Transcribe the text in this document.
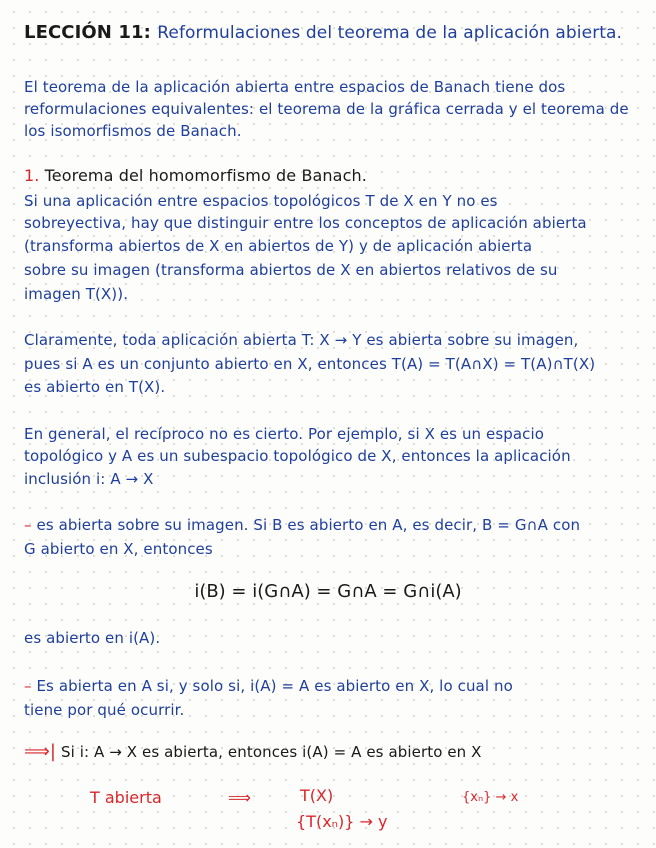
LECCIÓN 11: Reformulaciones del teorema de la aplicación abierta.
El teorema de la aplicación abierta entre espacios de Banach tiene dos
reformulaciones equivalentes: el teorema de la gráfica cerrada y el teorema de
los isomorfismos de Banach.
1. Teorema del homomorfismo de Banach.
Si una aplicación entre espacios topológicos T de X en Y no es
sobreyectiva, hay que distinguir entre los conceptos de aplicación abierta
(transforma abiertos de X en abiertos de Y) y de aplicación abierta
sobre su imagen (transforma abiertos de X en abiertos relativos de su
imagen T(X)).
Claramente, toda aplicación abierta T: X → Y es abierta sobre su imagen,
pues si A es un conjunto abierto en X, entonces T(A) = T(A∩X) = T(A)∩T(X)
es abierto en T(X).
En general, el recíproco no es cierto. Por ejemplo, si X es un espacio
topológico y A es un subespacio topológico de X, entonces la aplicación
inclusión i: A → X
– es abierta sobre su imagen. Si B es abierto en A, es decir, B = G∩A con
G abierto en X, entonces
i(B) = i(G∩A) = G∩A = G∩i(A)
es abierto en i(A).
– Es abierta en A si, y solo si, i(A) = A es abierto en X, lo cual no
tiene por qué ocurrir.
⟹| Si i: A → X es abierta, entonces i(A) = A es abierto en X
T abierta	⟹	T(X)
{T(xₙ)} → y
{xₙ} → x
